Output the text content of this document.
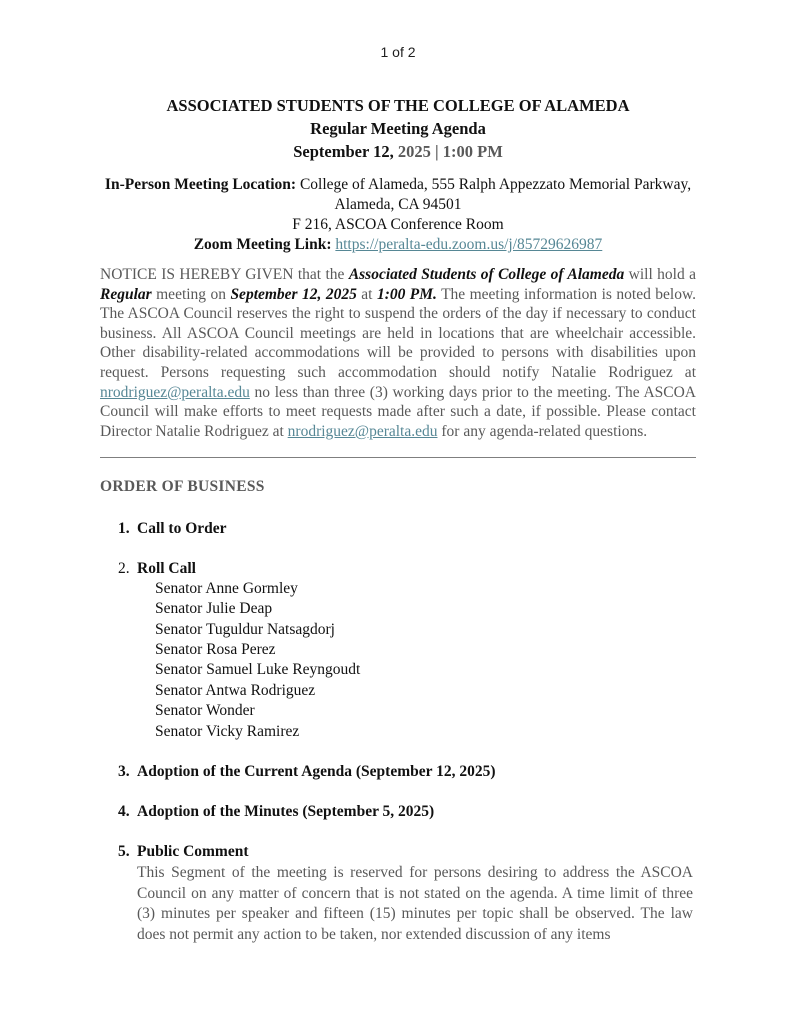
1 of 2
ASSOCIATED STUDENTS OF THE COLLEGE OF ALAMEDA
Regular Meeting Agenda
September 12, 2025 | 1:00 PM
In-Person Meeting Location: College of Alameda, 555 Ralph Appezzato Memorial Parkway,
Alameda, CA 94501
F 216, ASCOA Conference Room
Zoom Meeting Link: https://peralta-edu.zoom.us/j/85729626987

NOTICE IS HEREBY GIVEN that the Associated Students of College of Alameda will hold a Regular meeting on September 12, 2025 at 1:00 PM. The meeting information is noted below. The ASCOA Council reserves the right to suspend the orders of the day if necessary to conduct business. All ASCOA Council meetings are held in locations that are wheelchair accessible. Other disability-related accommodations will be provided to persons with disabilities upon request. Persons requesting such accommodation should notify Natalie Rodriguez at nrodriguez@peralta.edu no less than three (3) working days prior to the meeting. The ASCOA Council will make efforts to meet requests made after such a date, if possible. Please contact Director Natalie Rodriguez at nrodriguez@peralta.edu for any agenda-related questions.

ORDER OF BUSINESS
1. Call to Order
2. Roll Call
Senator Anne Gormley
Senator Julie Deap
Senator Tuguldur Natsagdorj
Senator Rosa Perez
Senator Samuel Luke Reyngoudt
Senator Antwa Rodriguez
Senator Wonder
Senator Vicky Ramirez
3. Adoption of the Current Agenda (September 12, 2025)
4. Adoption of the Minutes (September 5, 2025)
5. Public Comment

This Segment of the meeting is reserved for persons desiring to address the ASCOA Council on any matter of concern that is not stated on the agenda. A time limit of three (3) minutes per speaker and fifteen (15) minutes per topic shall be observed. The law does not permit any action to be taken, nor extended discussion of any items
